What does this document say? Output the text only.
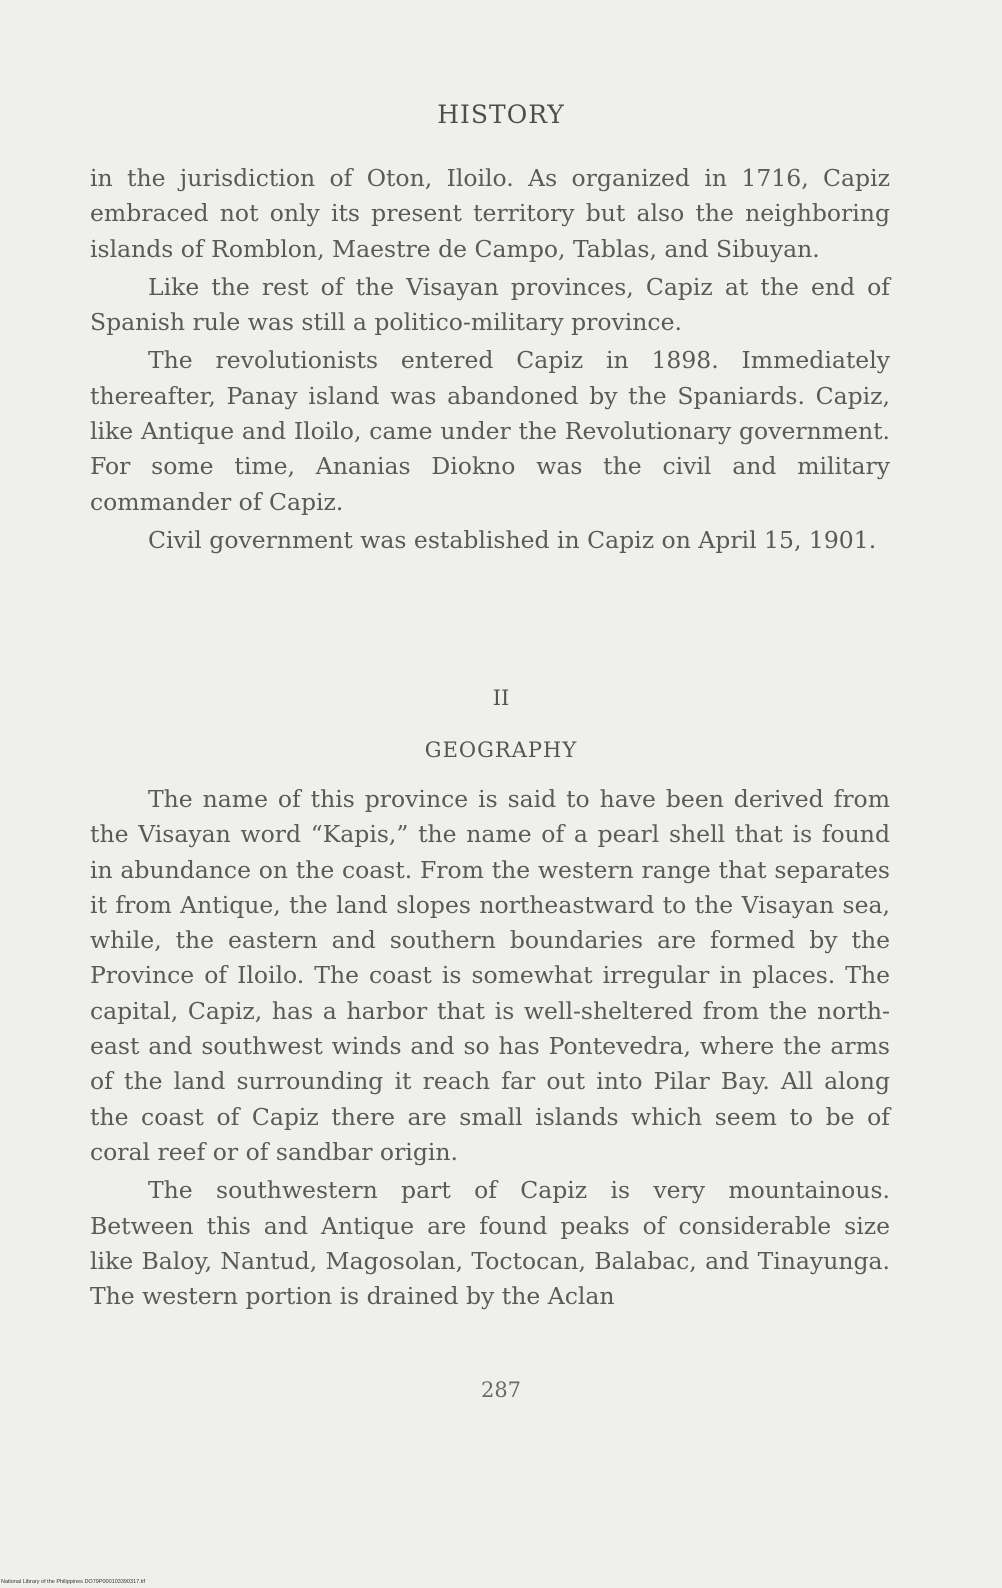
HISTORY

in the jurisdiction of Oton, Iloilo. As organized in 1716, Capiz embraced not only its present territory but also the neighboring islands of Romblon, Maestre de Campo, Tablas, and Sibuyan.

Like the rest of the Visayan provinces, Capiz at the end of Spanish rule was still a politico-military province.

The revolutionists entered Capiz in 1898. Immediately thereafter, Panay island was abandoned by the Spaniards. Capiz, like Antique and Iloilo, came under the Revolutionary government. For some time, Ananias Diokno was the civil and military commander of Capiz.

Civil government was established in Capiz on April 15, 1901.

II
GEOGRAPHY

The name of this province is said to have been derived from the Visayan word “Kapis,” the name of a pearl shell that is found in abundance on the coast. From the western range that separates it from Antique, the land slopes northeastward to the Visayan sea, while, the eastern and southern boundaries are formed by the Province of Iloilo. The coast is somewhat irregular in places. The capital, Capiz, has a harbor that is well-sheltered from the northeast and southwest winds and so has Pontevedra, where the arms of the land surrounding it reach far out into Pilar Bay. All along the coast of Capiz there are small islands which seem to be of coral reef or of sandbar origin.

The southwestern part of Capiz is very mountainous. Between this and Antique are found peaks of considerable size like Baloy, Nantud, Magosolan, Toctocan, Balabac, and Tinayunga. The western portion is drained by the Aclan

287
National Library of the Philippines DO79P000103390317.tif
